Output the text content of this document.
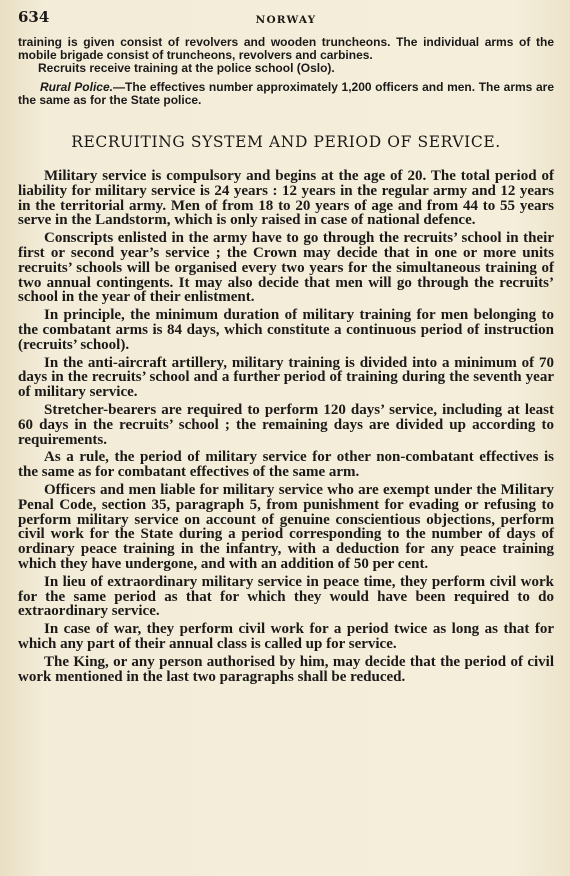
634	NORWAY

training is given consist of revolvers and wooden truncheons. The individual arms of the mobile brigade consist of truncheons, revolvers and carbines.
Recruits receive training at the police school (Oslo).

Rural Police.—The effectives number approximately 1,200 officers and men. The arms are the same as for the State police.

RECRUITING SYSTEM AND PERIOD OF SERVICE.

Military service is compulsory and begins at the age of 20. The total period of liability for military service is 24 years : 12 years in the regular army and 12 years in the territorial army. Men of from 18 to 20 years of age and from 44 to 55 years serve in the Landstorm, which is only raised in case of national defence.

Conscripts enlisted in the army have to go through the recruits’ school in their first or second year’s service ; the Crown may decide that in one or more units recruits’ schools will be organised every two years for the simultaneous training of two annual contingents. It may also decide that men will go through the recruits’ school in the year of their enlistment.

In principle, the minimum duration of military training for men belonging to the combatant arms is 84 days, which constitute a continuous period of instruction (recruits’ school).

In the anti-aircraft artillery, military training is divided into a minimum of 70 days in the recruits’ school and a further period of training during the seventh year of military service.

Stretcher-bearers are required to perform 120 days’ service, including at least 60 days in the recruits’ school ; the remaining days are divided up according to requirements.

As a rule, the period of military service for other non-combatant effectives is the same as for combatant effectives of the same arm.

Officers and men liable for military service who are exempt under the Military Penal Code, section 35, paragraph 5, from punishment for evading or refusing to perform military service on account of genuine conscientious objections, perform civil work for the State during a period corresponding to the number of days of ordinary peace training in the infantry, with a deduction for any peace training which they have undergone, and with an addition of 50 per cent.

In lieu of extraordinary military service in peace time, they perform civil work for the same period as that for which they would have been required to do extraordinary service.

In case of war, they perform civil work for a period twice as long as that for which any part of their annual class is called up for service.

The King, or any person authorised by him, may decide that the period of civil work mentioned in the last two paragraphs shall be reduced.
